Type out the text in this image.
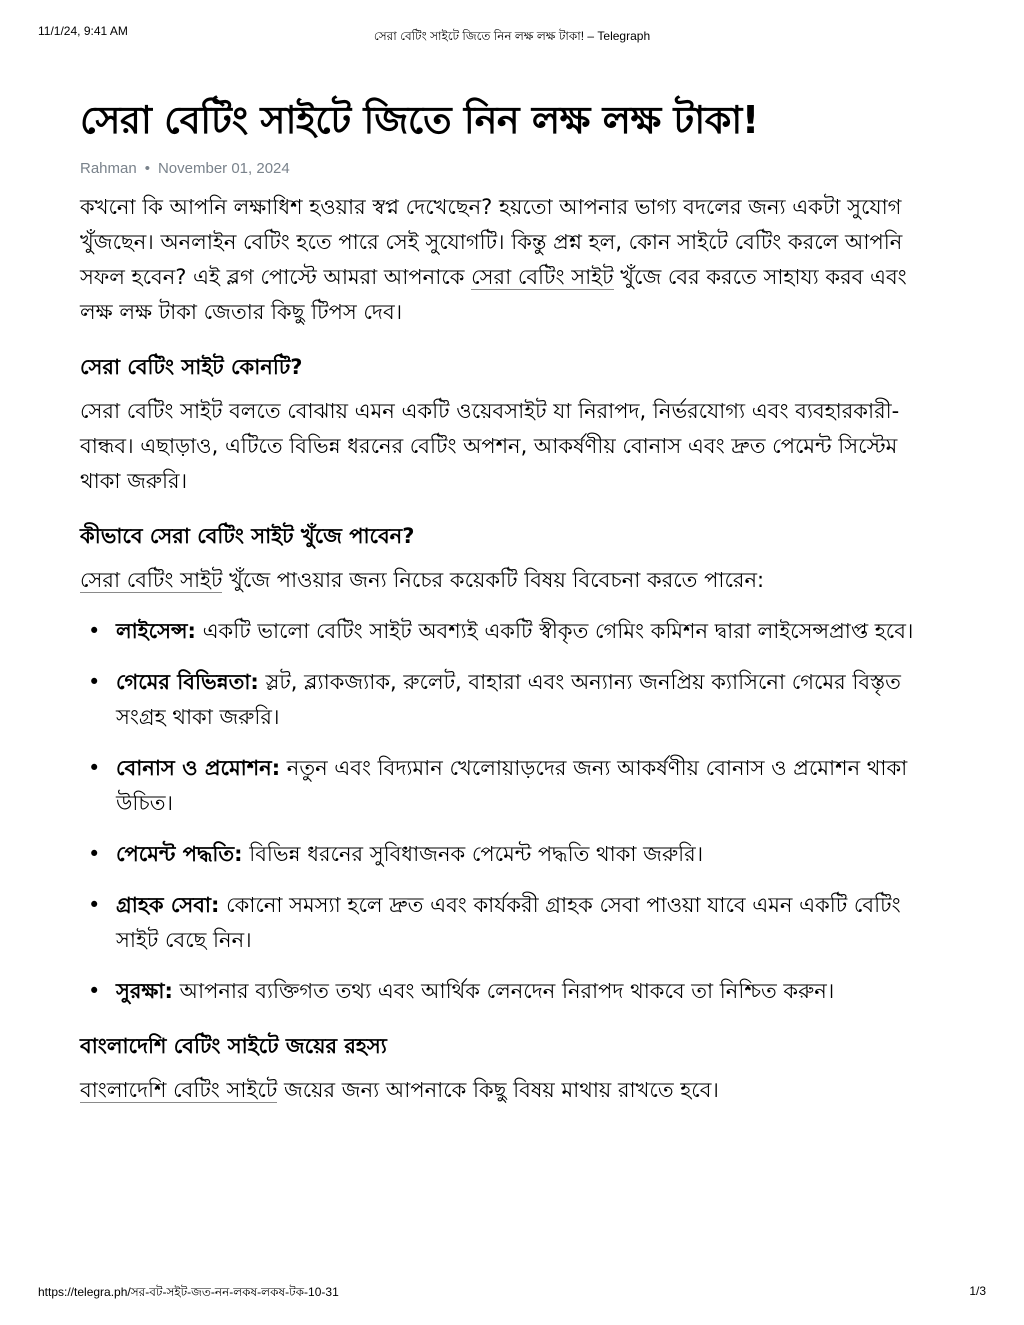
11/1/24, 9:41 AM	সেরা বেটিং সাইটে জিতে নিন লক্ষ লক্ষ টাকা! – Telegraph
সেরা বেটিং সাইটে জিতে নিন লক্ষ লক্ষ টাকা!
Rahman • November 01, 2024

কখনো কি আপনি লক্ষাধিশ হওয়ার স্বপ্ন দেখেছেন? হয়তো আপনার ভাগ্য বদলের জন্য একটা সুযোগ খুঁজছেন। অনলাইন বেটিং হতে পারে সেই সুযোগটি। কিন্তু প্রশ্ন হল, কোন সাইটে বেটিং করলে আপনি সফল হবেন? এই ব্লগ পোস্টে আমরা আপনাকে সেরা বেটিং সাইট খুঁজে বের করতে সাহায্য করব এবং লক্ষ লক্ষ টাকা জেতার কিছু টিপস দেব।

সেরা বেটিং সাইট কোনটি?

সেরা বেটিং সাইট বলতে বোঝায় এমন একটি ওয়েবসাইট যা নিরাপদ, নির্ভরযোগ্য এবং ব্যবহারকারী-বান্ধব। এছাড়াও, এটিতে বিভিন্ন ধরনের বেটিং অপশন, আকর্ষণীয় বোনাস এবং দ্রুত পেমেন্ট সিস্টেম থাকা জরুরি।

কীভাবে সেরা বেটিং সাইট খুঁজে পাবেন?

সেরা বেটিং সাইট খুঁজে পাওয়ার জন্য নিচের কয়েকটি বিষয় বিবেচনা করতে পারেন:

• লাইসেন্স: একটি ভালো বেটিং সাইট অবশ্যই একটি স্বীকৃত গেমিং কমিশন দ্বারা লাইসেন্সপ্রাপ্ত হবে।
• গেমের বিভিন্নতা: স্লট, ব্ল্যাকজ্যাক, রুলেট, বাহারা এবং অন্যান্য জনপ্রিয় ক্যাসিনো গেমের বিস্তৃত সংগ্রহ থাকা জরুরি।
• বোনাস ও প্রমোশন: নতুন এবং বিদ্যমান খেলোয়াড়দের জন্য আকর্ষণীয় বোনাস ও প্রমোশন থাকা উচিত।
• পেমেন্ট পদ্ধতি: বিভিন্ন ধরনের সুবিধাজনক পেমেন্ট পদ্ধতি থাকা জরুরি।
• গ্রাহক সেবা: কোনো সমস্যা হলে দ্রুত এবং কার্যকরী গ্রাহক সেবা পাওয়া যাবে এমন একটি বেটিং সাইট বেছে নিন।
• সুরক্ষা: আপনার ব্যক্তিগত তথ্য এবং আর্থিক লেনদেন নিরাপদ থাকবে তা নিশ্চিত করুন।
বাংলাদেশি বেটিং সাইটে জয়ের রহস্য

বাংলাদেশি বেটিং সাইটে জয়ের জন্য আপনাকে কিছু বিষয় মাথায় রাখতে হবে।

https://telegra.ph/সর-বট-সইট-জত-নন-লকষ-লকষ-টক-10-31	1/3
